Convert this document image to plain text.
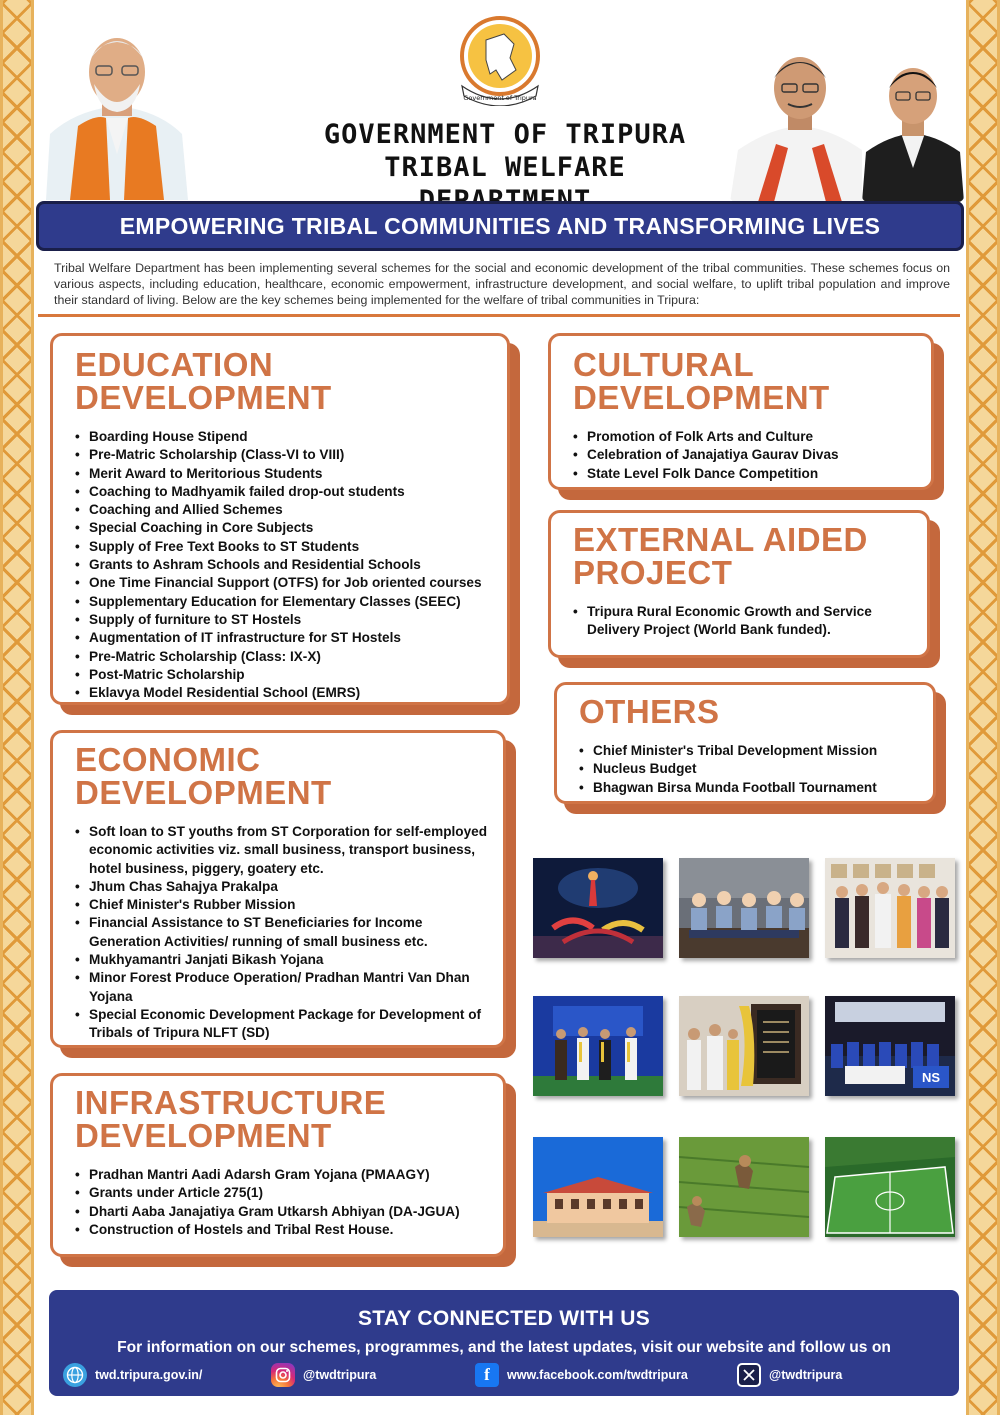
Government of Tripura
GOVERNMENT OF TRIPURA
TRIBAL WELFARE
EMPOWERING TRIBAL COMMUNITIES AND TRANSFORMING LIVES

Tribal Welfare Department has been implementing several schemes for the social and economic development of the tribal communities. These schemes focus on various aspects, including education, healthcare, economic empowerment, infrastructure development, and social welfare, to uplift tribal population and improve their standard of living. Below are the key schemes being implemented for the welfare of tribal communities in Tripura:

EDUCATION
DEVELOPMENT
• Boarding House Stipend
• Pre-Matric Scholarship (Class-VI to VIII)
• Merit Award to Meritorious Students
• Coaching to Madhyamik failed drop-out students
• Coaching and Allied Schemes
• Special Coaching in Core Subjects
• Supply of Free Text Books to ST Students
• Grants to Ashram Schools and Residential Schools
• One Time Financial Support (OTFS) for Job oriented courses
• Supplementary Education for Elementary Classes (SEEC)
• Supply of furniture to ST Hostels
• Augmentation of IT infrastructure for ST Hostels
• Pre-Matric Scholarship (Class: IX-X)
• Post-Matric Scholarship
• Eklavya Model Residential School (EMRS)
ECONOMIC
DEVELOPMENT
• Soft loan to ST youths from ST Corporation for self-employed economic activities viz. small business, transport business, hotel business, piggery, goatery etc.
• Jhum Chas Sahajya Prakalpa
• Chief Minister's Rubber Mission
• Financial Assistance to ST Beneficiaries for Income Generation Activities/ running of small business etc.
• Mukhyamantri Janjati Bikash Yojana
• Minor Forest Produce Operation/ Pradhan Mantri Van Dhan Yojana
• Special Economic Development Package for Development of Tribals of Tripura NLFT (SD)
INFRASTRUCTURE
DEVELOPMENT
• Pradhan Mantri Aadi Adarsh Gram Yojana (PMAAGY)
• Grants under Article 275(1)
• Dharti Aaba Janajatiya Gram Utkarsh Abhiyan (DA-JGUA)
• Construction of Hostels and Tribal Rest House.
CULTURAL
DEVELOPMENT
• Promotion of Folk Arts and Culture
• Celebration of Janajatiya Gaurav Divas
• State Level Folk Dance Competition
EXTERNAL AIDED
PROJECT
• Tripura Rural Economic Growth and Service Delivery Project (World Bank funded).
OTHERS
• Chief Minister's Tribal Development Mission
• Nucleus Budget
• Bhagwan Birsa Munda Football Tournament
NS
STAY CONNECTED WITH US

For information on our schemes, programmes, and the latest updates, visit our website and follow us on

twd.tripura.gov.in/	@twdtripura	f	www.facebook.com/twdtripura	@twdtripura
